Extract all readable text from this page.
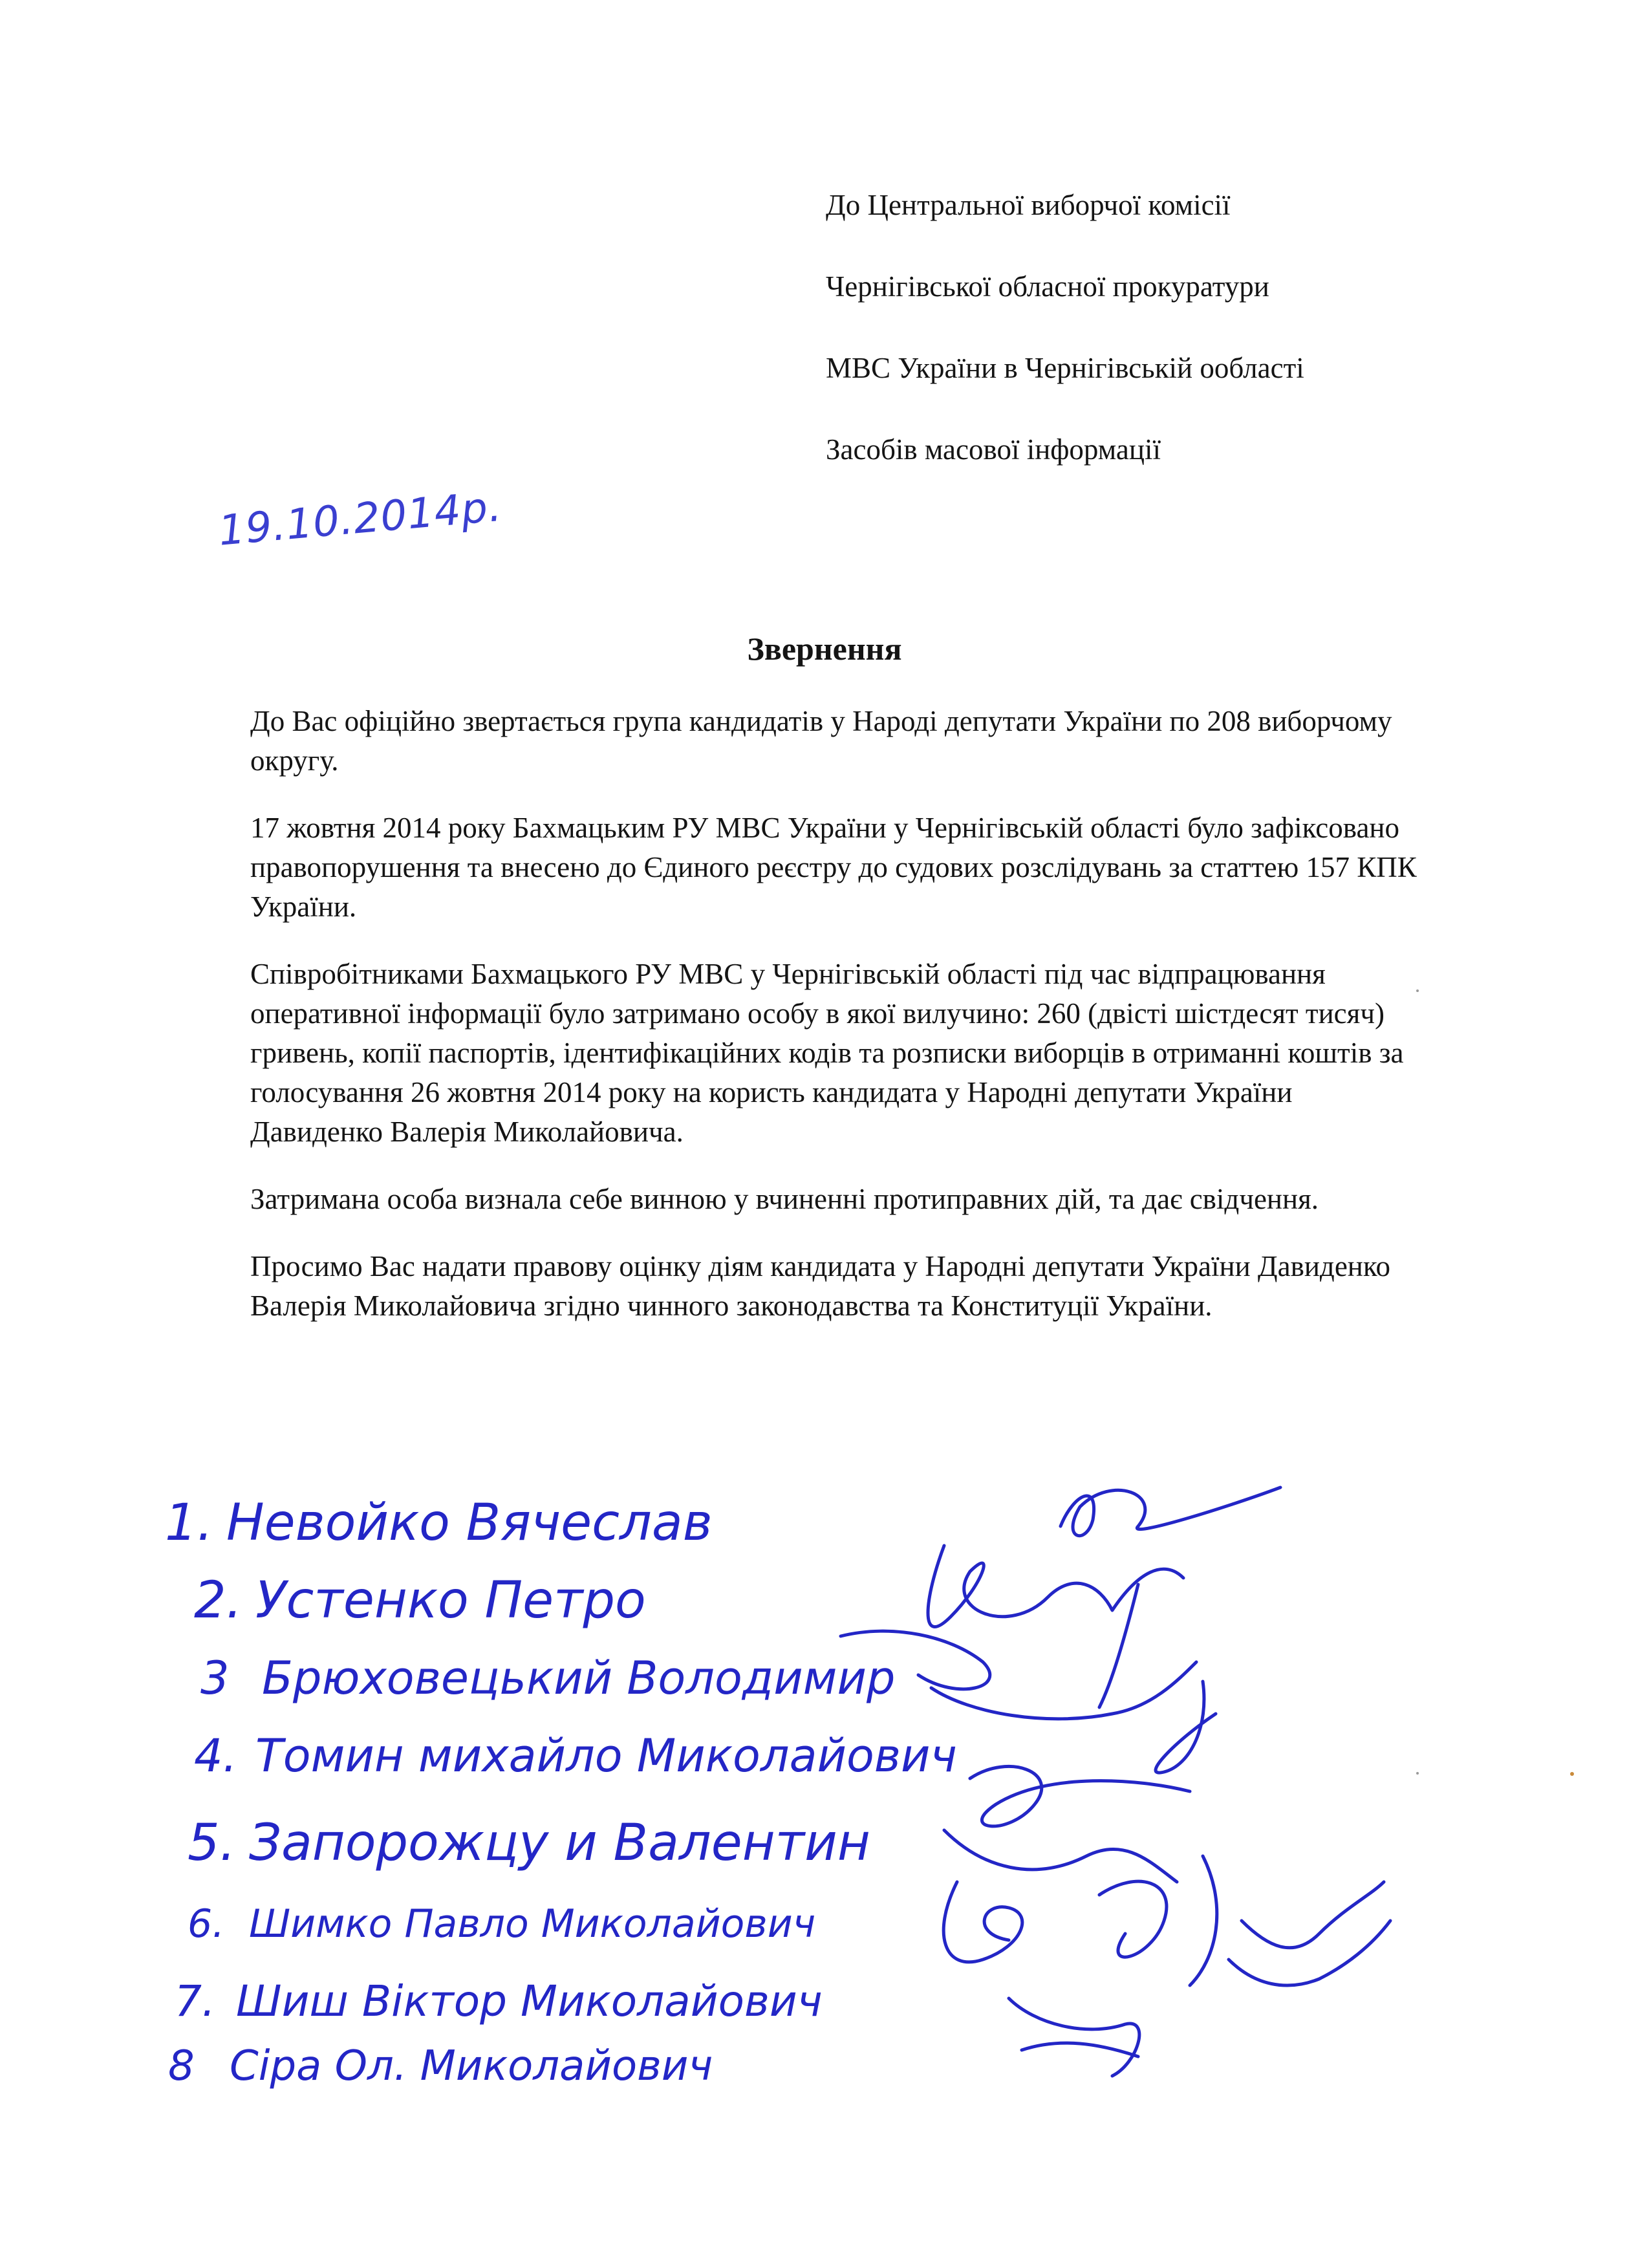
До Центральної виборчої комісії
Чернігівської обласної прокуратури
МВС України в Чернігівській ообласті
Засобів масової інформації
19.10.2014р.
Звернення

До Вас офіційно звертається група кандидатів у Народі депутати України по 208 виборчому округу.

17 жовтня 2014 року Бахмацьким РУ МВС України у Чернігівській області було зафіксовано правопорушення та внесено до Єдиного реєстру до судових розслідувань за статтею 157 КПК України.

Співробітниками Бахмацького РУ МВС у Чернігівській області під час відпрацювання оперативної інформації було затримано особу в якої вилучино: 260 (двісті шістдесят тисяч) гривень, копії паспортів, ідентифікаційних кодів та розписки виборців в отриманні коштів за голосування 26 жовтня 2014 року на користь кандидата у Народні депутати України Давиденко Валерія Миколайовича.

Затримана особа визнала себе винною у вчиненні протиправних дій, та дає свідчення.

Просимо Вас надати правову оцінку діям кандидата у Народні депутати України Давиденко Валерія Миколайовича згідно чинного законодавства та Конституції України.

1. Невойко Вячеслав
2. Устенко Петро
3 Брюховецький Володимир
4. Томин михайло Миколайович
5. Запорожцу и Валентин
6. Шимко Павло Миколайович
7. Шиш Віктор Миколайович
8 Сіра Ол. Миколайович
